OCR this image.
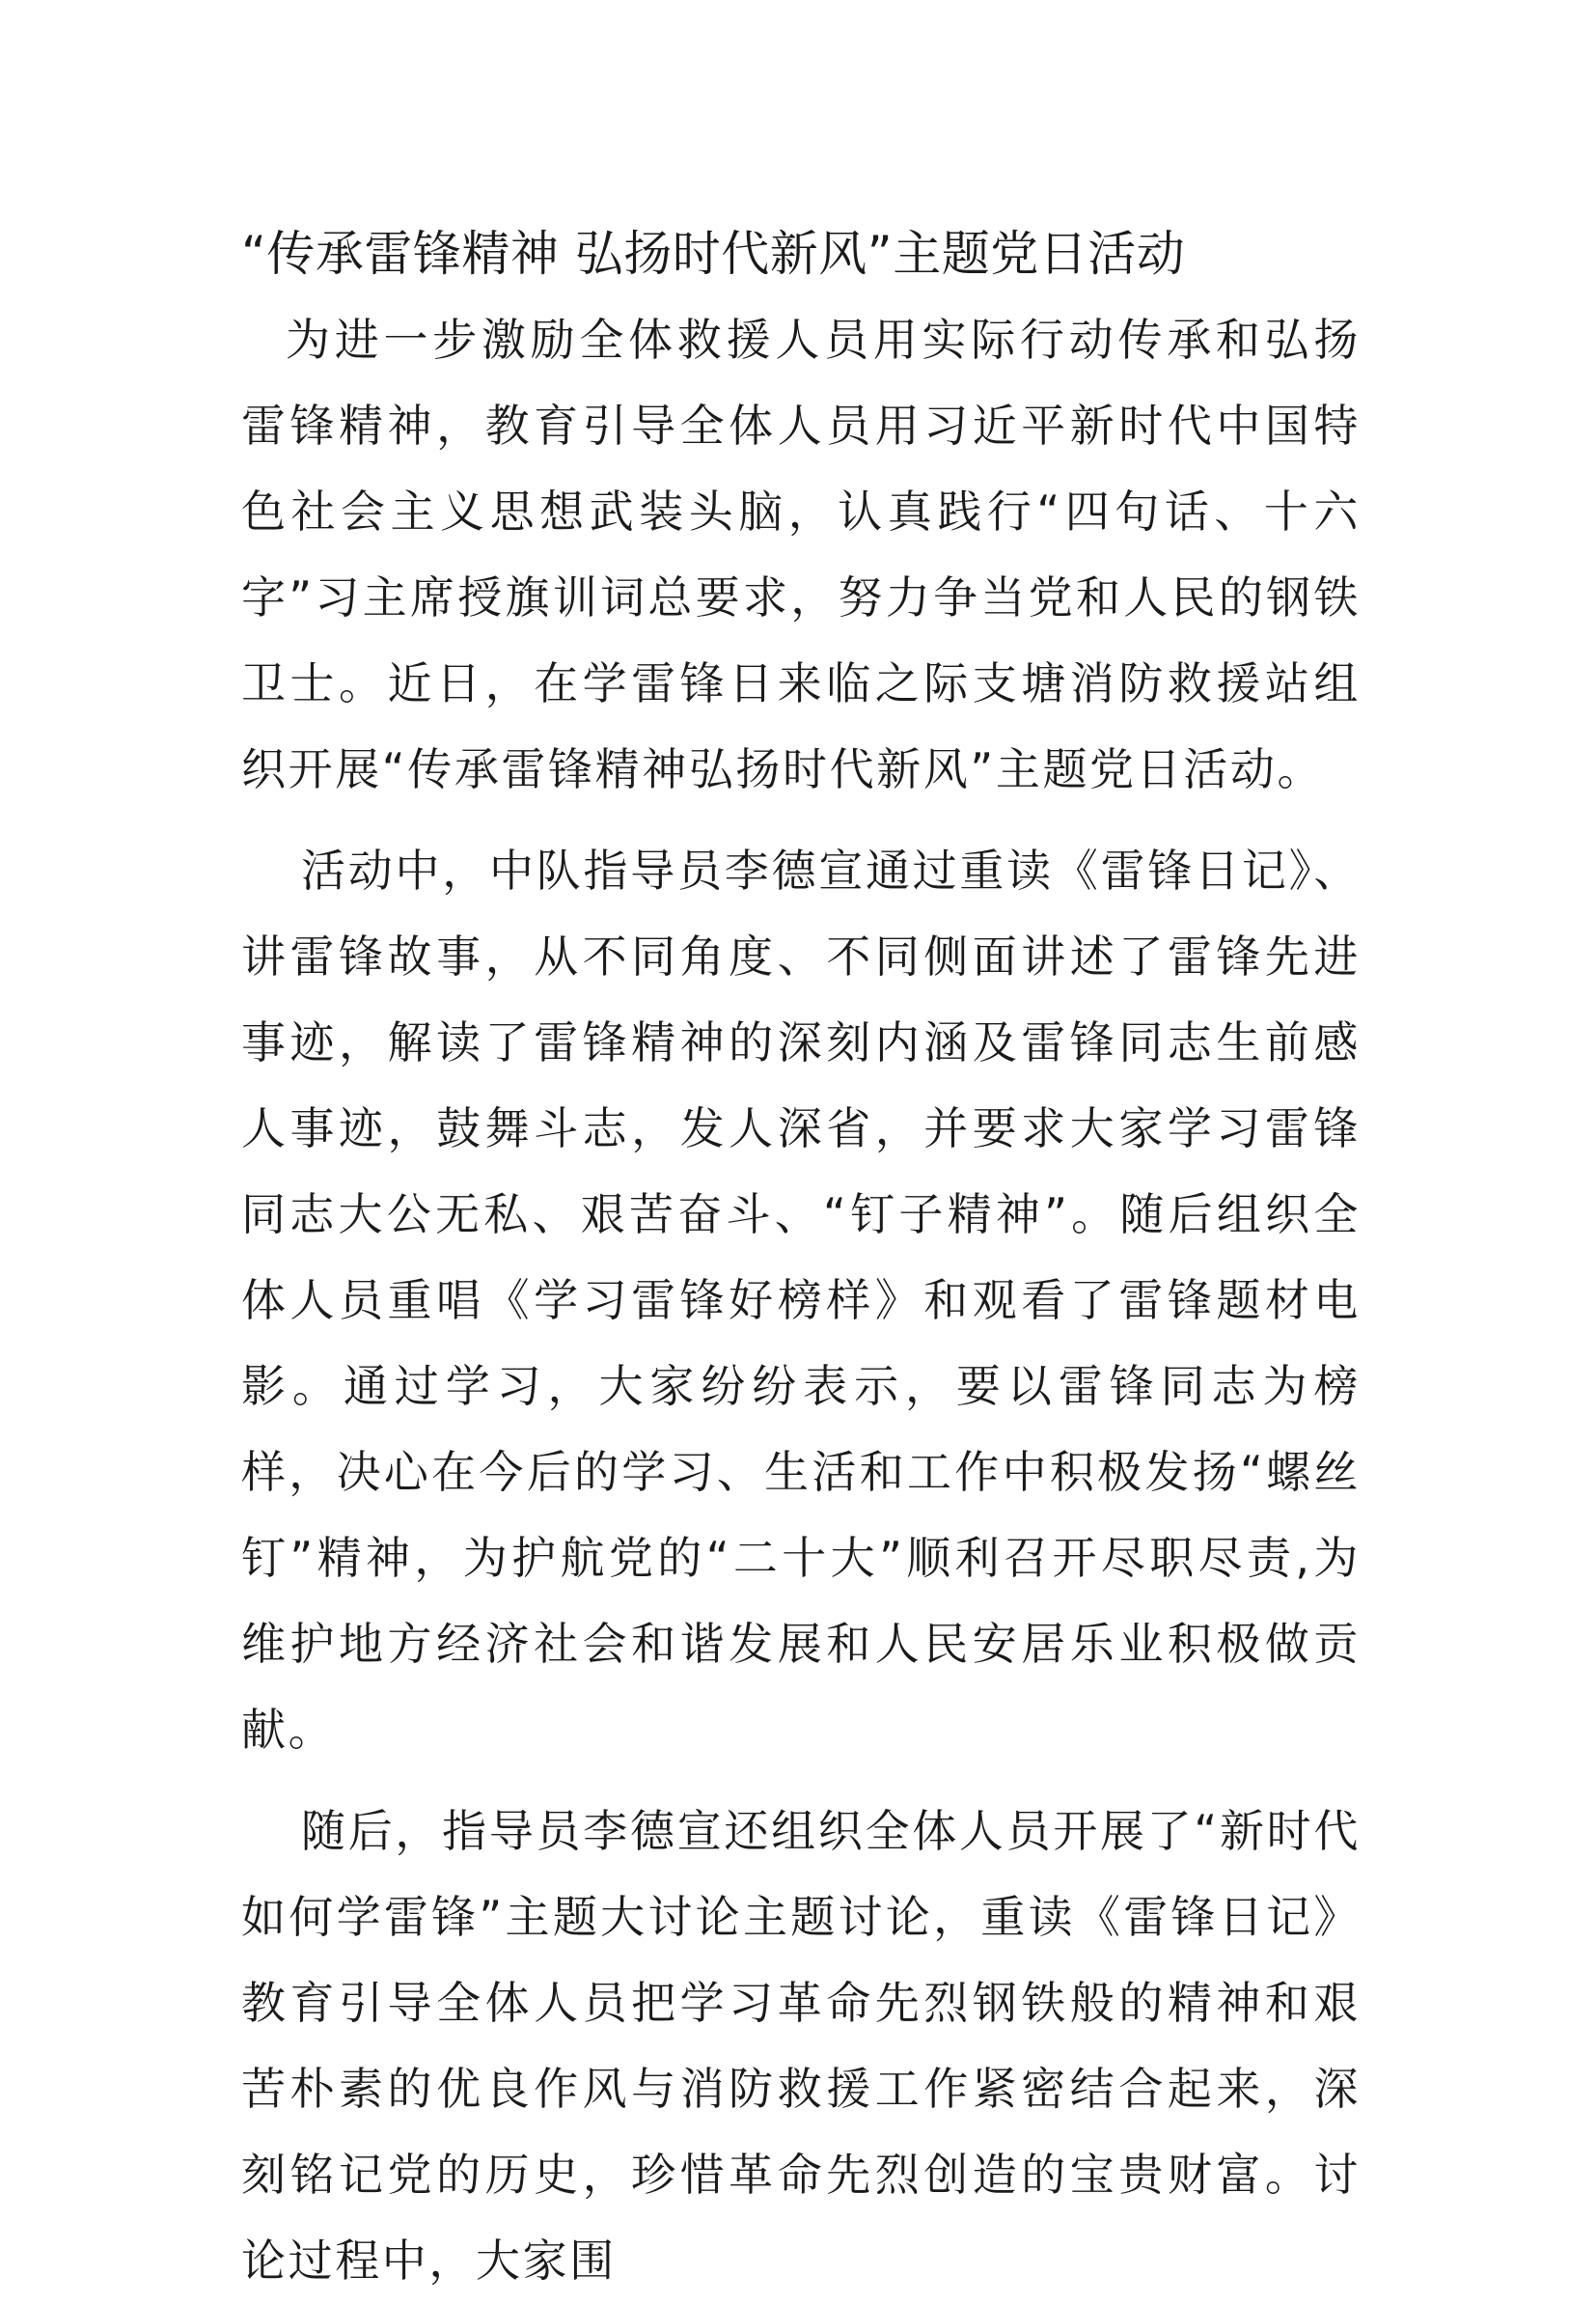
“传承雷锋精神 弘扬时代新风”主题党日活动

为进一步激励全体救援人员用实际行动传承和弘扬雷锋精神，教育引导全体人员用习近平新时代中国特色社会主义思想武装头脑，认真践行“四句话、十六字”习主席授旗训词总要求，努力争当党和人民的钢铁卫士。近日，在学雷锋日来临之际支塘消防救援站组织开展“传承雷锋精神弘扬时代新风”主题党日活动。

活动中，中队指导员李德宣通过重读《雷锋日记》、讲雷锋故事，从不同角度、不同侧面讲述了雷锋先进事迹，解读了雷锋精神的深刻内涵及雷锋同志生前感人事迹，鼓舞斗志，发人深省，并要求大家学习雷锋同志大公无私、艰苦奋斗、“钉子精神”。随后组织全体人员重唱《学习雷锋好榜样》和观看了雷锋题材电影。通过学习，大家纷纷表示，要以雷锋同志为榜样，决心在今后的学习、生活和工作中积极发扬“螺丝钉”精神，为护航党的“二十大”顺利召开尽职尽责,为维护地方经济社会和谐发展和人民安居乐业积极做贡献。

随后，指导员李德宣还组织全体人员开展了“新时代如何学雷锋”主题大讨论主题讨论，重读《雷锋日记》教育引导全体人员把学习革命先烈钢铁般的精神和艰苦朴素的优良作风与消防救援工作紧密结合起来，深刻铭记党的历史，珍惜革命先烈创造的宝贵财富。讨论过程中，大家围
